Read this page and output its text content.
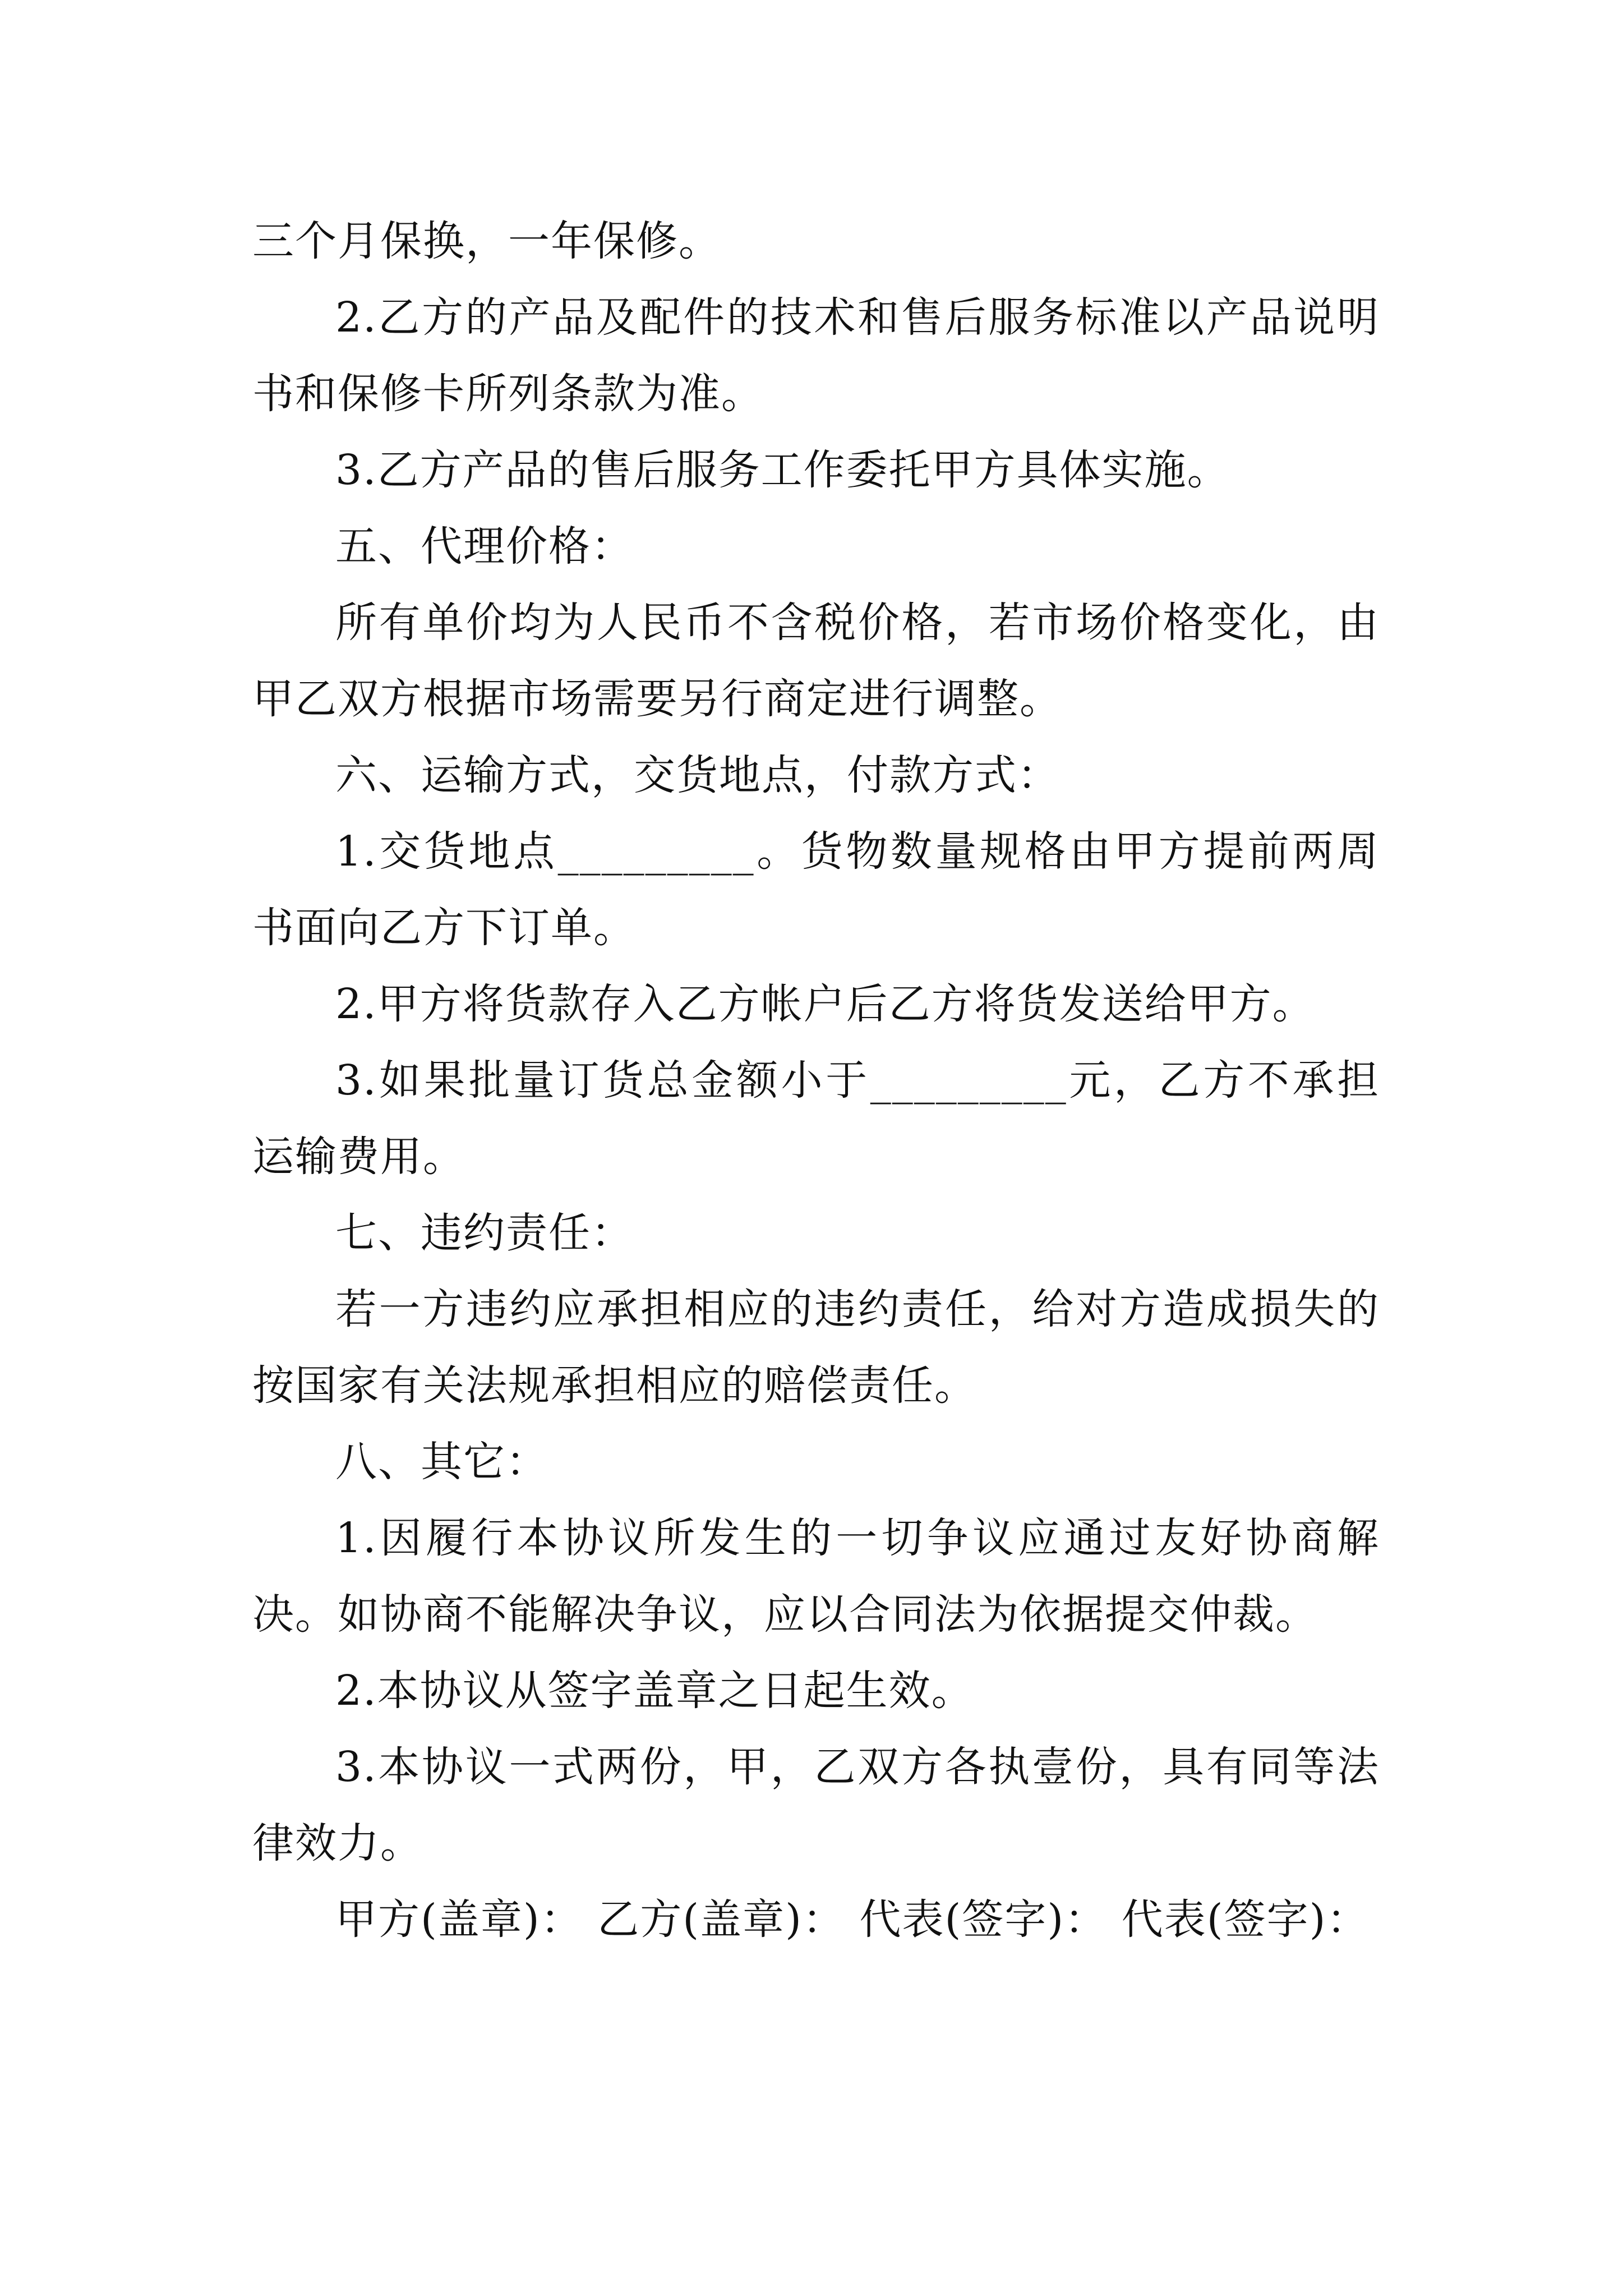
三个月保换，一年保修。

2.乙方的产品及配件的技术和售后服务标准以产品说明书和保修卡所列条款为准。

3.乙方产品的售后服务工作委托甲方具体实施。

五、代理价格：

所有单价均为人民币不含税价格，若市场价格变化，由甲乙双方根据市场需要另行商定进行调整。

六、运输方式，交货地点，付款方式：

1.交货地点_________。货物数量规格由甲方提前两周书面向乙方下订单。

2.甲方将货款存入乙方帐户后乙方将货发送给甲方。

3.如果批量订货总金额小于_________元，乙方不承担运输费用。

七、违约责任：

若一方违约应承担相应的违约责任，给对方造成损失的按国家有关法规承担相应的赔偿责任。

八、其它：

1.因履行本协议所发生的一切争议应通过友好协商解决。如协商不能解决争议，应以合同法为依据提交仲裁。

2.本协议从签字盖章之日起生效。

3.本协议一式两份，甲，乙双方各执壹份，具有同等法律效力。

甲方(盖章)： 乙方(盖章)： 代表(签字)： 代表(签字)：
